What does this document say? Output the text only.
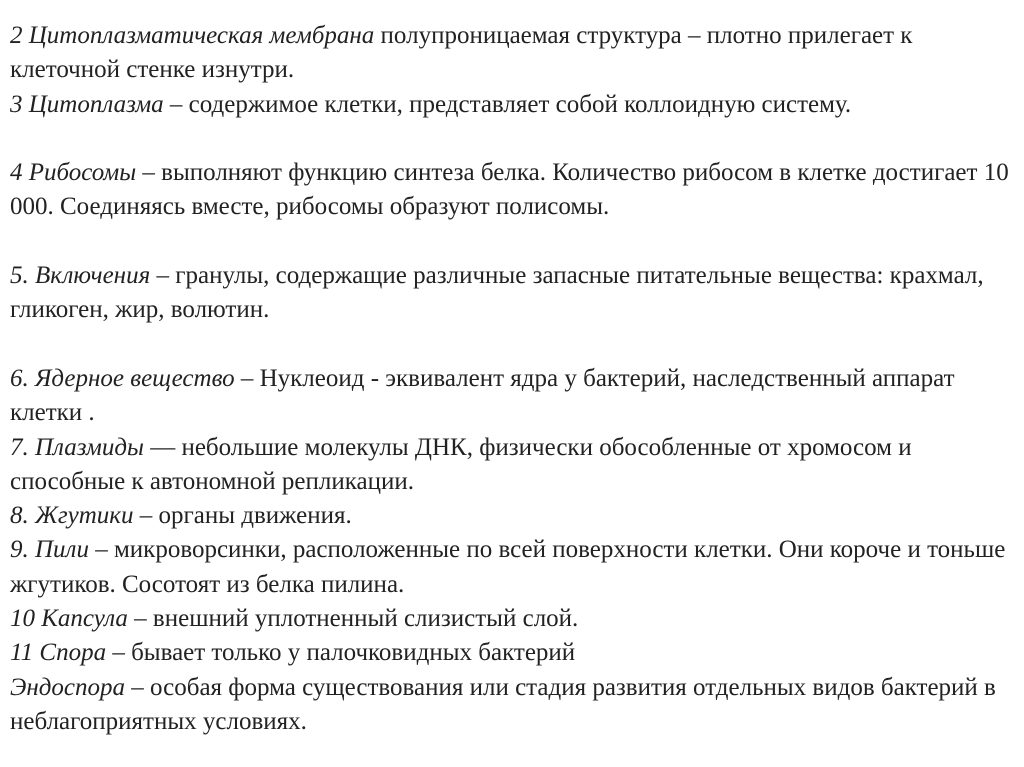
2 Цитоплазматическая мембрана полупроницаемая структура – плотно прилегает к клеточной стенке изнутри.

3 Цитоплазма – содержимое клетки, представляет собой коллоидную систему.

4 Рибосомы – выполняют функцию синтеза белка. Количество рибосом в клетке достигает 10 000. Соединяясь вместе, рибосомы образуют полисомы.

5. Включения – гранулы, содержащие различные запасные питательные вещества: крахмал, гликоген, жир, волютин.

6. Ядерное вещество – Нуклеоид - эквивалент ядра у бактерий, наследственный аппарат клетки .

7. Плазмиды — небольшие молекулы ДНК, физически обособленные от хромосом и способные к автономной репликации.

8. Жгутики – органы движения.

9. Пили – микроворсинки, расположенные по всей поверхности клетки. Они короче и тоньше жгутиков. Сосотоят из белка пилина.

10 Капсула – внешний уплотненный слизистый слой.

11 Спора – бывает только у палочковидных бактерий

Эндоспора – особая форма существования или стадия развития отдельных видов бактерий в неблагоприятных условиях.
